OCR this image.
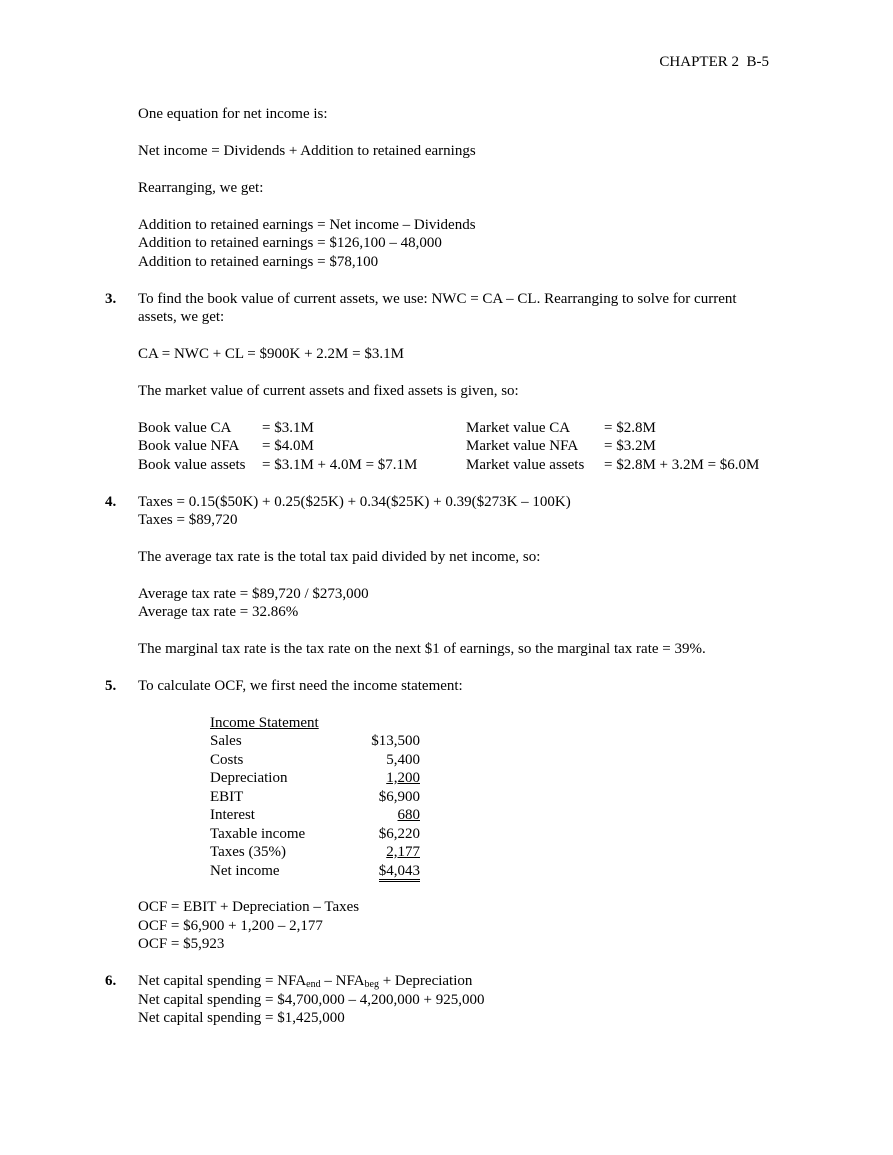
CHAPTER 2  B-5
One equation for net income is:
Net income = Dividends + Addition to retained earnings
Rearranging, we get:
Addition to retained earnings = Net income – Dividends
Addition to retained earnings = $126,100 – 48,000
Addition to retained earnings = $78,100
3. To find the book value of current assets, we use: NWC = CA – CL. Rearranging to solve for current
assets, we get:
CA = NWC + CL = $900K + 2.2M = $3.1M
The market value of current assets and fixed assets is given, so:
Book value CA = $3.1M	Market value CA = $2.8M
Book value NFA = $4.0M	Market value NFA = $3.2M
Book value assets = $3.1M + 4.0M = $7.1M	Market value assets = $2.8M + 3.2M = $6.0M
4. Taxes = 0.15($50K) + 0.25($25K) + 0.34($25K) + 0.39($273K – 100K)
Taxes = $89,720
The average tax rate is the total tax paid divided by net income, so:
Average tax rate = $89,720 / $273,000
Average tax rate = 32.86%
The marginal tax rate is the tax rate on the next $1 of earnings, so the marginal tax rate = 39%.
5. To calculate OCF, we first need the income statement:
Income Statement
Sales	$13,500
Costs	5,400
Depreciation	1,200
EBIT	$6,900
Interest	680
Taxable income	$6,220
Taxes (35%)	2,177
Net income	$4,043
OCF = EBIT + Depreciation – Taxes
OCF = $6,900 + 1,200 – 2,177
OCF = $5,923
6. Net capital spending = $NFA_{end} - NFA_{beg}$ + Depreciation
Net capital spending = $4,700,000 – 4,200,000 + 925,000
Net capital spending = $1,425,000
